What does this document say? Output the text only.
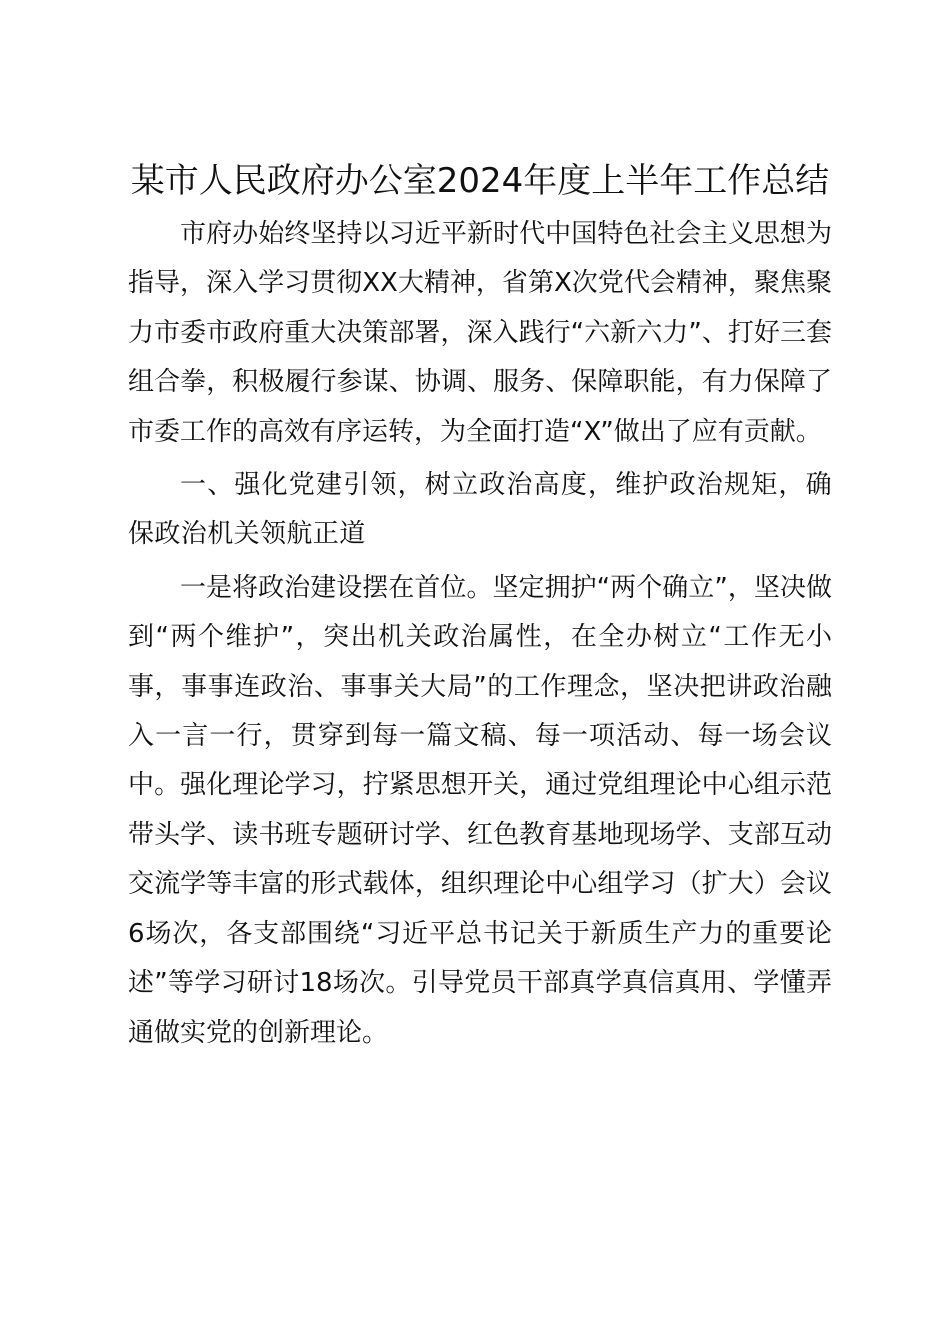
某市人民政府办公室2024年度上半年工作总结

市府办始终坚持以习近平新时代中国特色社会主义思想为指导，深入学习贯彻XX大精神，省第X次党代会精神，聚焦聚力市委市政府重大决策部署，深入践行“六新六力”、打好三套组合拳，积极履行参谋、协调、服务、保障职能，有力保障了市委工作的高效有序运转，为全面打造“X”做出了应有贡献。

一、强化党建引领，树立政治高度，维护政治规矩，确保政治机关领航正道

一是将政治建设摆在首位。坚定拥护“两个确立”，坚决做到“两个维护”，突出机关政治属性，在全办树立“工作无小事，事事连政治、事事关大局”的工作理念，坚决把讲政治融入一言一行，贯穿到每一篇文稿、每一项活动、每一场会议中。强化理论学习，拧紧思想开关，通过党组理论中心组示范带头学、读书班专题研讨学、红色教育基地现场学、支部互动交流学等丰富的形式载体，组织理论中心组学习（扩大）会议6场次，各支部围绕“习近平总书记关于新质生产力的重要论述”等学习研讨18场次。引导党员干部真学真信真用、学懂弄通做实党的创新理论。
